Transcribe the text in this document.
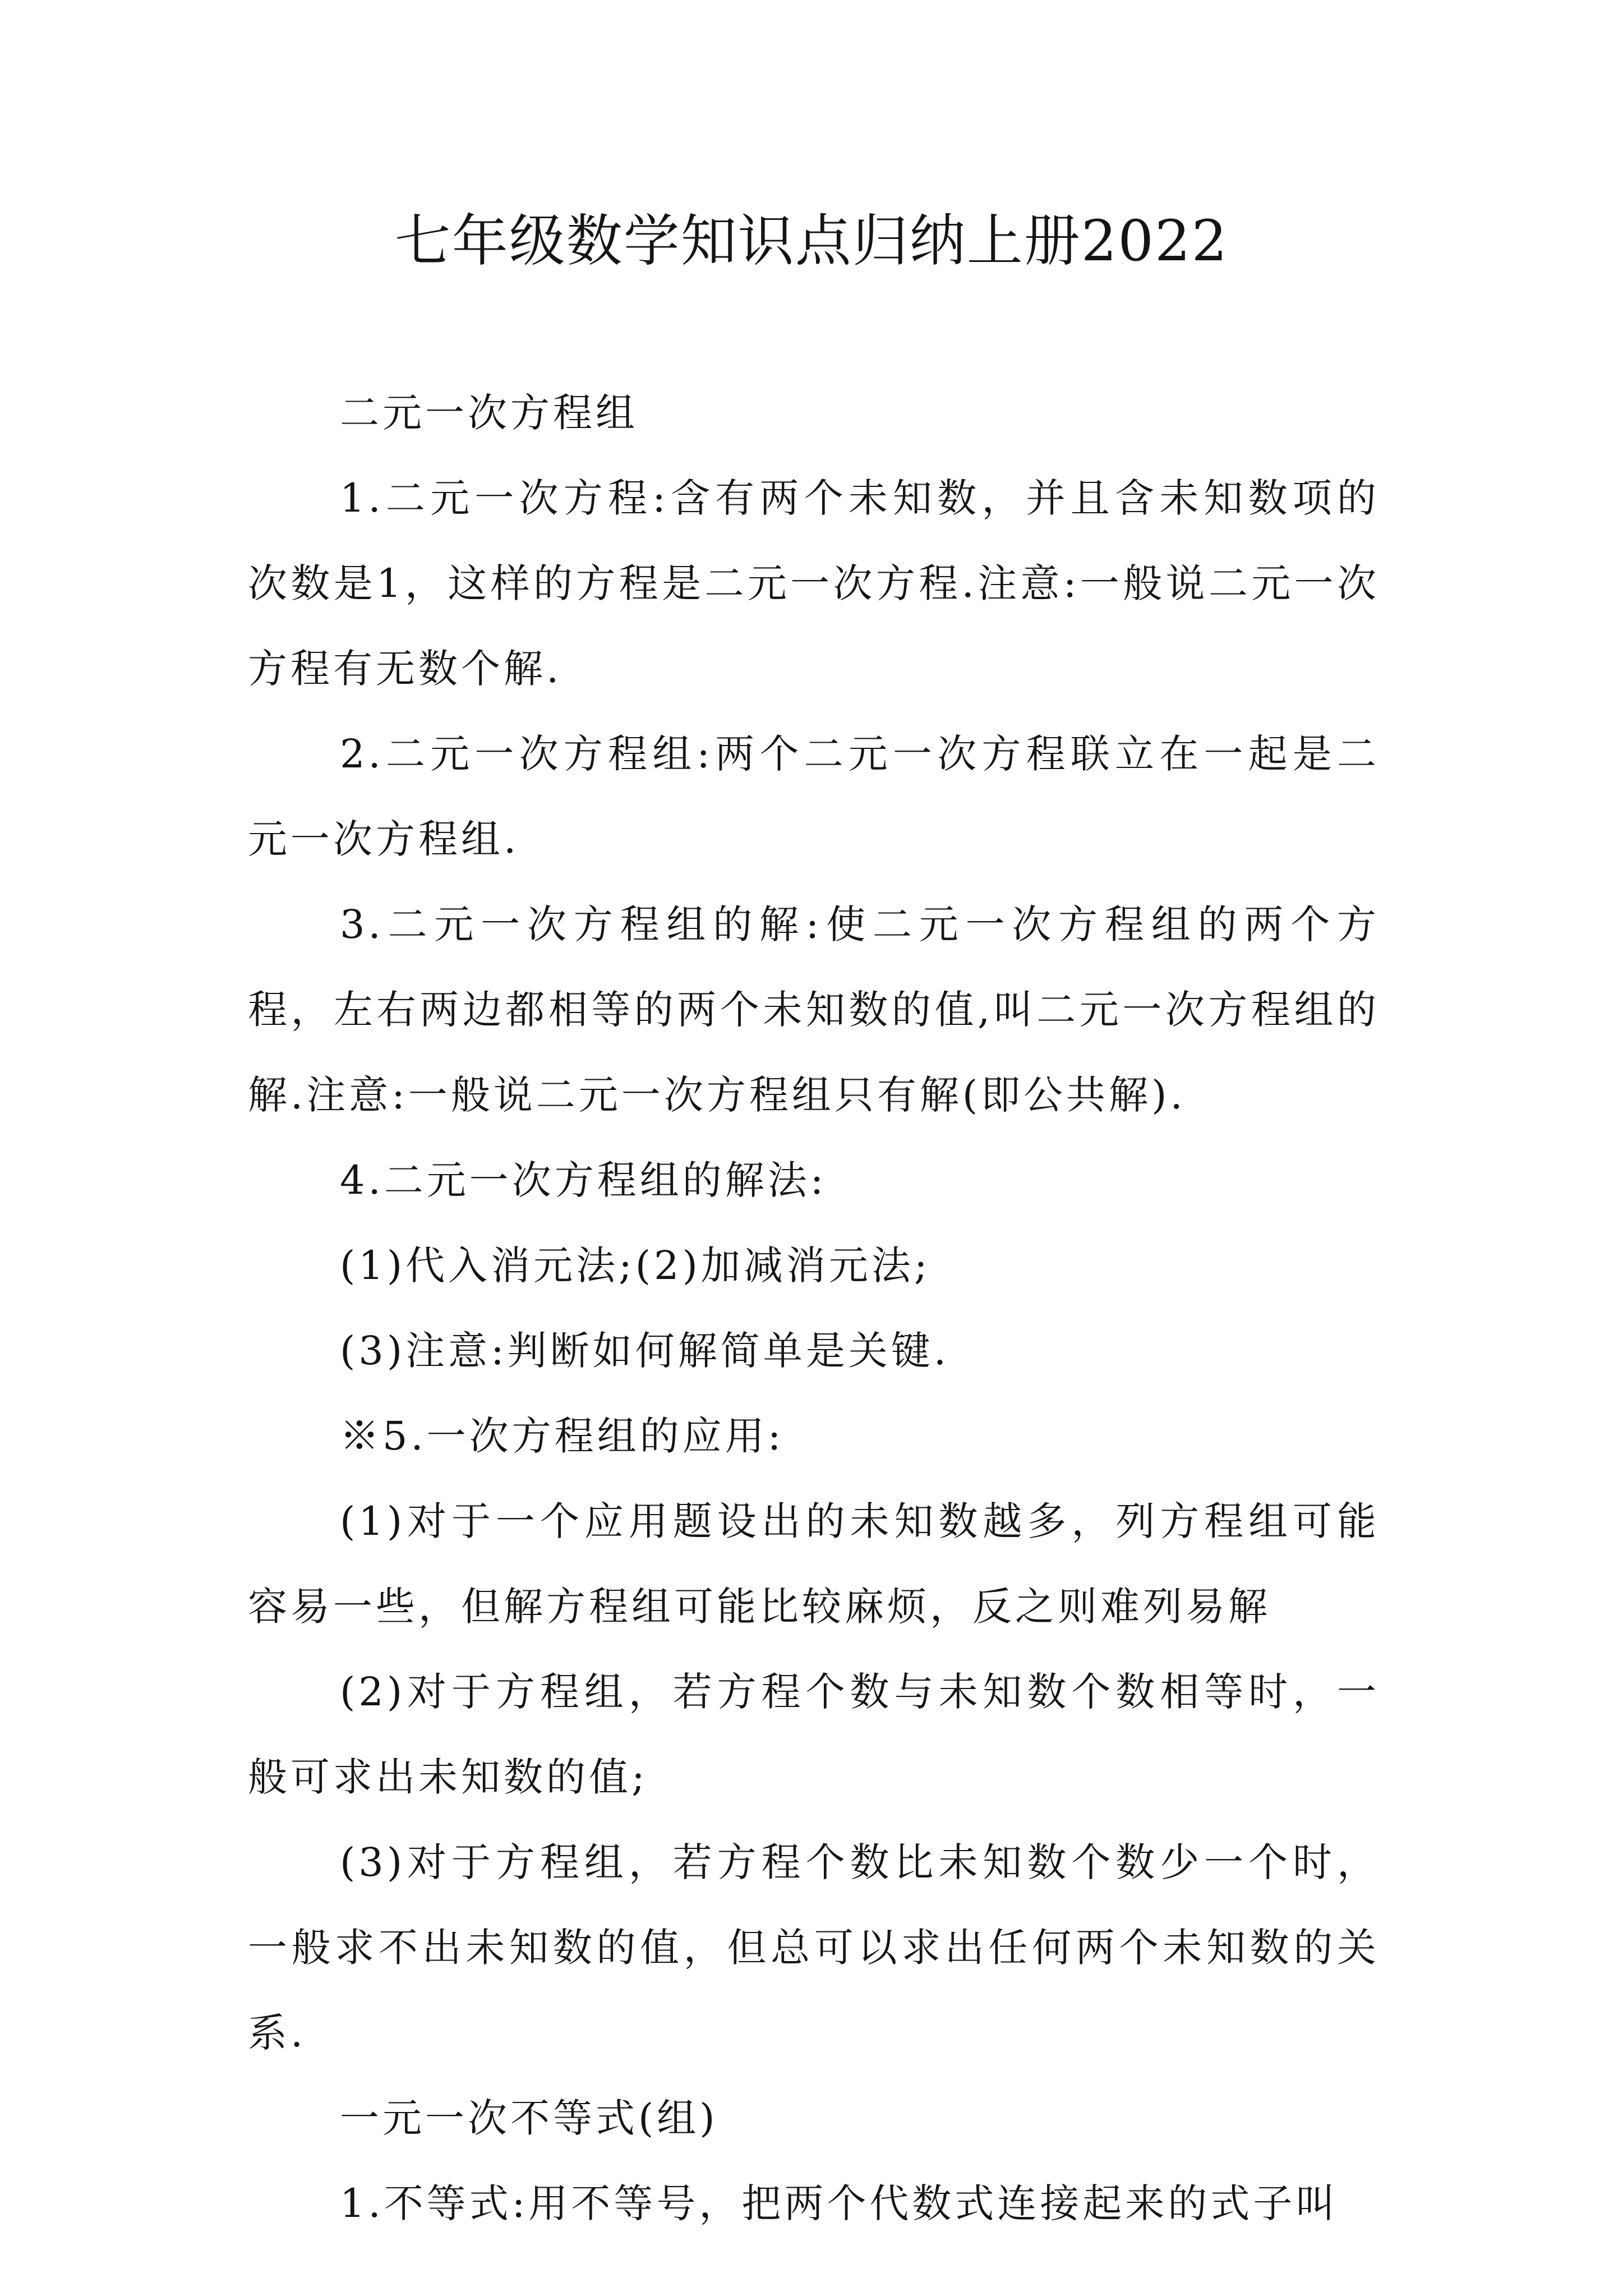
七年级数学知识点归纳上册2022

二元一次方程组

1.二元一次方程:含有两个未知数，并且含未知数项的次数是1，这样的方程是二元一次方程.注意:一般说二元一次方程有无数个解.

2.二元一次方程组:两个二元一次方程联立在一起是二元一次方程组.

3.二元一次方程组的解:使二元一次方程组的两个方程，左右两边都相等的两个未知数的值,叫二元一次方程组的解.注意:一般说二元一次方程组只有解(即公共解).

4.二元一次方程组的解法:

(1)代入消元法;(2)加减消元法;

(3)注意:判断如何解简单是关键.

※5.一次方程组的应用:

(1)对于一个应用题设出的未知数越多，列方程组可能容易一些，但解方程组可能比较麻烦，反之则难列易解

(2)对于方程组，若方程个数与未知数个数相等时，一般可求出未知数的值;

(3)对于方程组，若方程个数比未知数个数少一个时，一般求不出未知数的值，但总可以求出任何两个未知数的关系.

一元一次不等式(组)

1.不等式:用不等号，把两个代数式连接起来的式子叫
